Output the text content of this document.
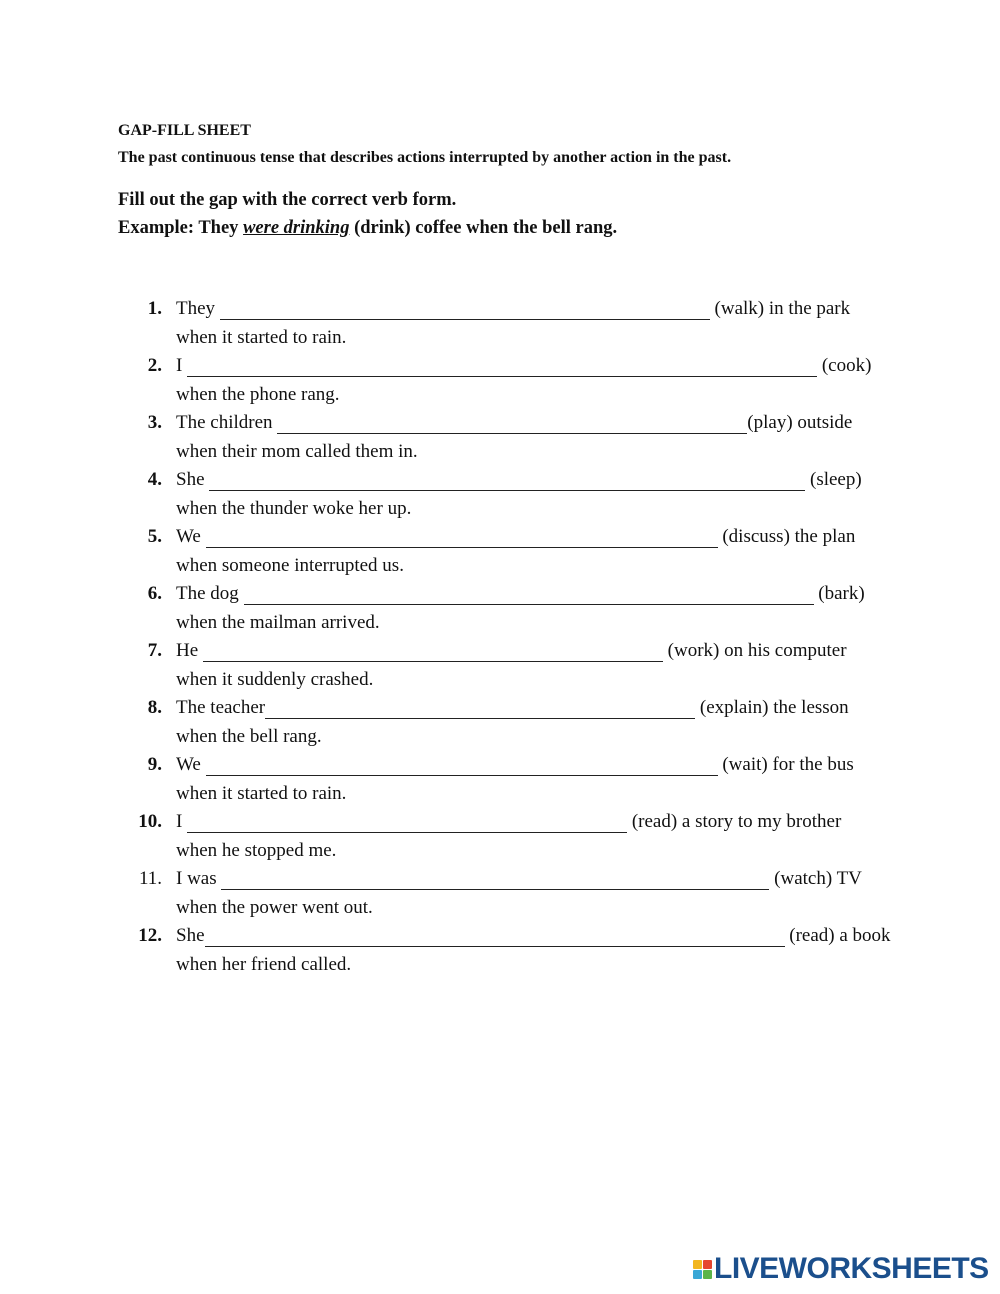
GAP-FILL SHEET
The past continuous tense that describes actions interrupted by another action in the past.
Fill out the gap with the correct verb form.
Example: They were drinking (drink) coffee when the bell rang.
1. They	(walk) in the park
when it started to rain.
2. I	(cook)
when the phone rang.
3. The children	(play) outside
when their mom called them in.
4. She	(sleep)
when the thunder woke her up.
5. We	(discuss) the plan
when someone interrupted us.
6. The dog	(bark)
when the mailman arrived.
7. He	(work) on his computer
when it suddenly crashed.
8. The teacher	(explain) the lesson
when the bell rang.
9. We	(wait) for the bus
when it started to rain.
10. I	(read) a story to my brother
when he stopped me.
11. I was	(watch) TV
when the power went out.
12. She	(read) a book
when her friend called.
LIVEWORKSHEETS
